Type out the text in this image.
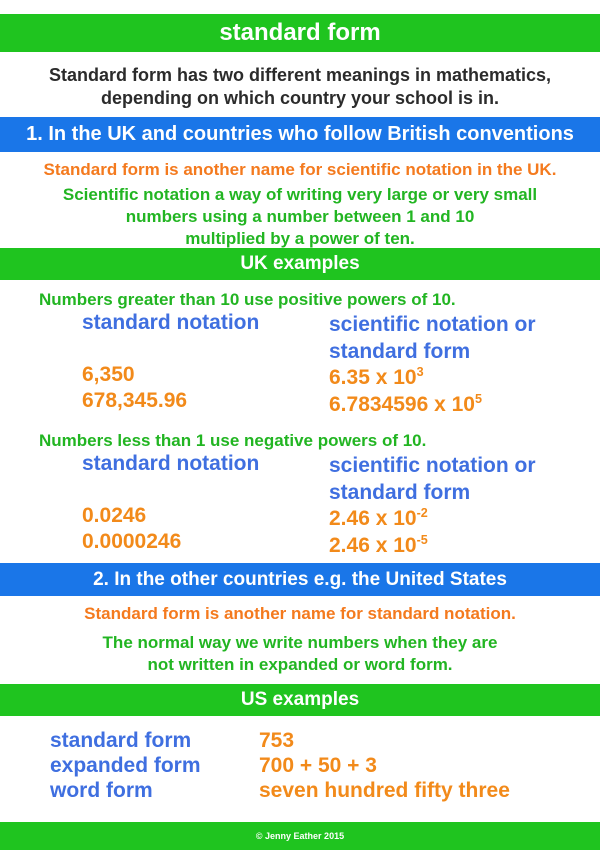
standard form
Standard form has two different meanings in mathematics,
depending on which country your school is in.
1. In the UK and countries who follow British conventions
Standard form is another name for scientific notation in the UK.
Scientific notation a way of writing very large or very small
numbers using a number between 1 and 10
multiplied by a power of ten.
UK examples
Numbers greater than 10 use positive powers of 10.
standard notation	scientific notation or
standard form
6,350
678,345.96
6.35 x $10^3$
6.7834596 x $10^5$
Numbers less than 1 use negative powers of 10.
standard notation	scientific notation or
standard form
0.0246
0.0000246
2.46 x $10^{-2}$
2.46 x $10^{-5}$
2. In the other countries e.g. the United States
Standard form is another name for standard notation.
The normal way we write numbers when they are
not written in expanded or word form.
US examples
standard form
expanded form
word form
753
700 + 50 + 3
seven hundred fifty three
© Jenny Eather 2015
